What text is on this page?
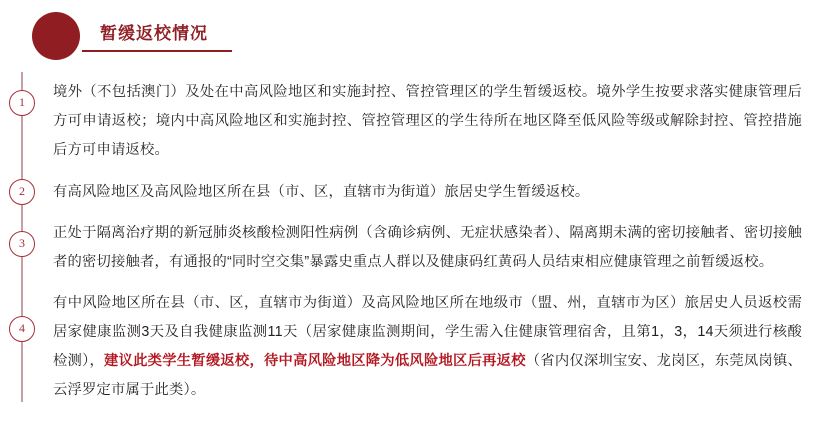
暂缓返校情况
1
境外（不包括澳门）及处在中高风险地区和实施封控、管控管理区的学生暂缓返校。境外学生按要求落实健康管理后方可申请返校；境内中高风险地区和实施封控、管控管理区的学生待所在地区降至低风险等级或解除封控、管控措施后方可申请返校。
2	有高风险地区及高风险地区所在县（市、区，直辖市为街道）旅居史学生暂缓返校。
3
正处于隔离治疗期的新冠肺炎核酸检测阳性病例（含确诊病例、无症状感染者）、隔离期未满的密切接触者、密切接触者的密切接触者，有通报的“同时空交集”暴露史重点人群以及健康码红黄码人员结束相应健康管理之前暂缓返校。
4
有中风险地区所在县（市、区，直辖市为街道）及高风险地区所在地级市（盟、州，直辖市为区）旅居史人员返校需居家健康监测3天及自我健康监测11天（居家健康监测期间，学生需入住健康管理宿舍，且第1，3，14天须进行核酸检测），建议此类学生暂缓返校，待中高风险地区降为低风险地区后再返校（省内仅深圳宝安、龙岗区，东莞凤岗镇、云浮罗定市属于此类）。
